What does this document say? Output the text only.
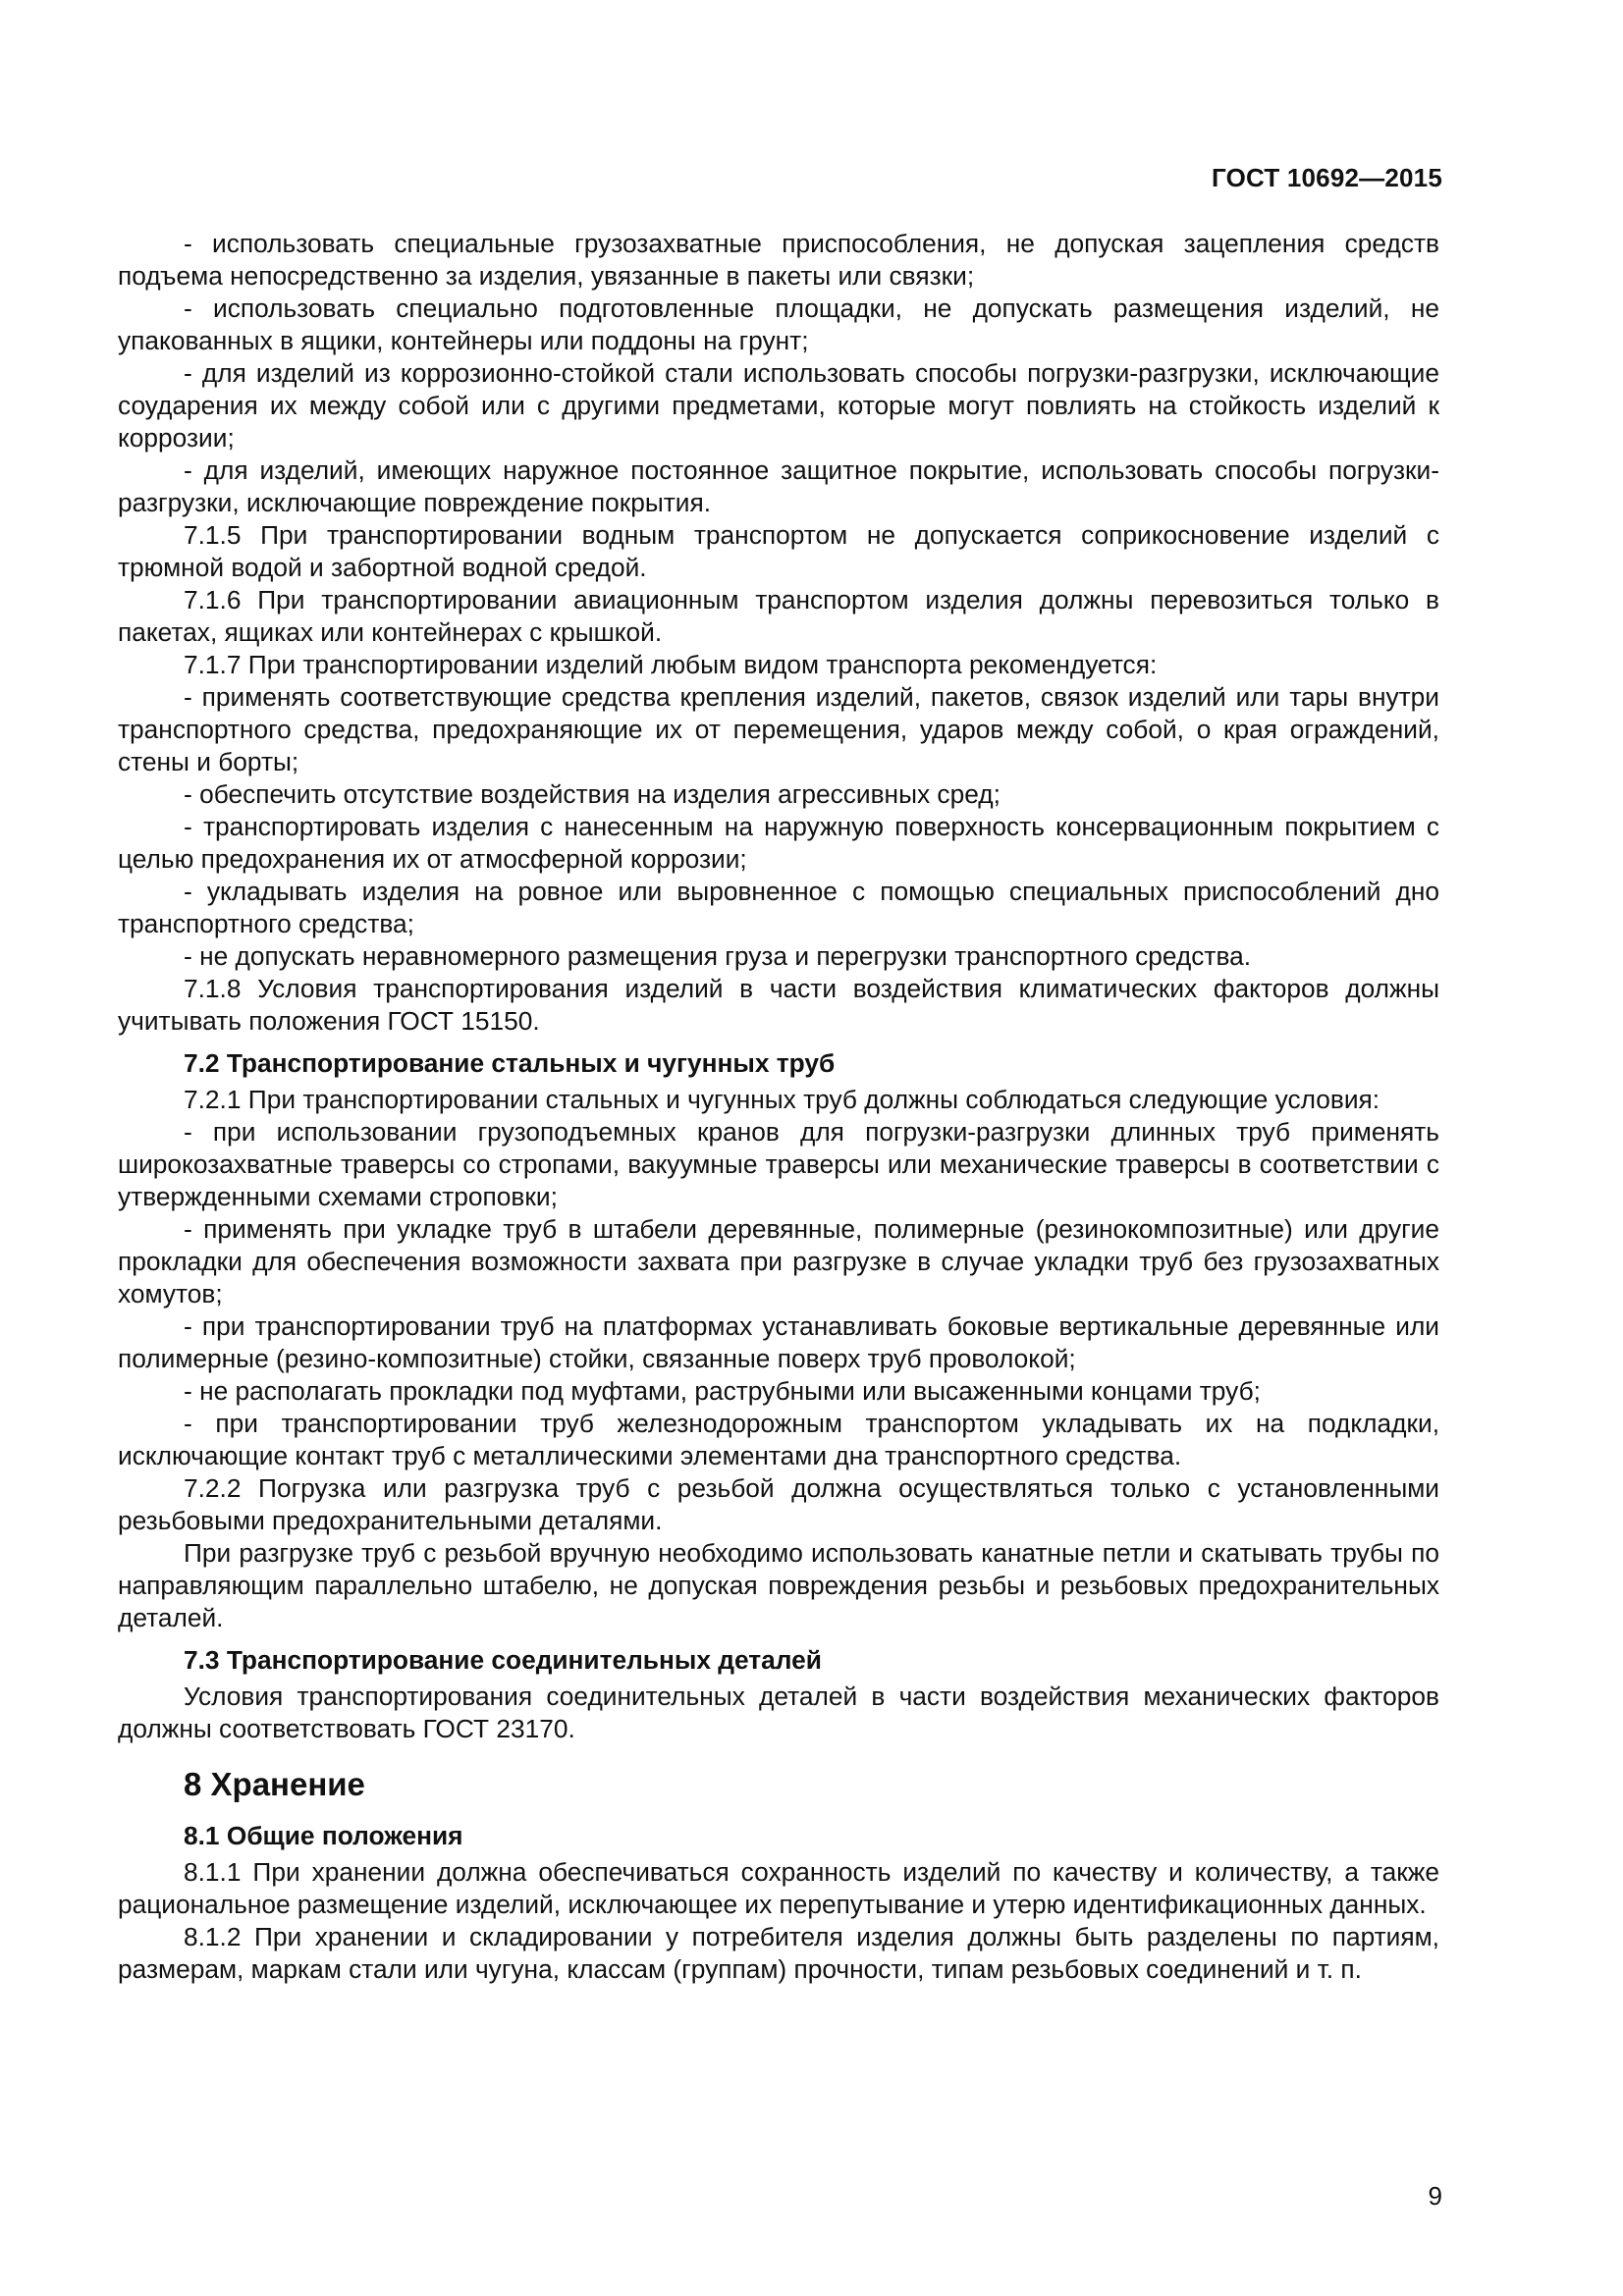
ГОСТ 10692—2015

- использовать специальные грузозахватные приспособления, не допуская зацепления средств подъема непосредственно за изделия, увязанные в пакеты или связки;

- использовать специально подготовленные площадки, не допускать размещения изделий, не упакованных в ящики, контейнеры или поддоны на грунт;

- для изделий из коррозионно-стойкой стали использовать способы погрузки-разгрузки, исключающие соударения их между собой или с другими предметами, которые могут повлиять на стойкость изделий к коррозии;

- для изделий, имеющих наружное постоянное защитное покрытие, использовать способы погрузки-разгрузки, исключающие повреждение покрытия.

7.1.5 При транспортировании водным транспортом не допускается соприкосновение изделий с трюмной водой и забортной водной средой.

7.1.6 При транспортировании авиационным транспортом изделия должны перевозиться только в пакетах, ящиках или контейнерах с крышкой.

7.1.7 При транспортировании изделий любым видом транспорта рекомендуется:

- применять соответствующие средства крепления изделий, пакетов, связок изделий или тары внутри транспортного средства, предохраняющие их от перемещения, ударов между собой, о края ограждений, стены и борты;

- обеспечить отсутствие воздействия на изделия агрессивных сред;

- транспортировать изделия с нанесенным на наружную поверхность консервационным покрытием с целью предохранения их от атмосферной коррозии;

- укладывать изделия на ровное или выровненное с помощью специальных приспособлений дно транспортного средства;

- не допускать неравномерного размещения груза и перегрузки транспортного средства.

7.1.8 Условия транспортирования изделий в части воздействия климатических факторов должны учитывать положения ГОСТ 15150.

7.2 Транспортирование стальных и чугунных труб

7.2.1 При транспортировании стальных и чугунных труб должны соблюдаться следующие условия:

- при использовании грузоподъемных кранов для погрузки-разгрузки длинных труб применять широкозахватные траверсы со стропами, вакуумные траверсы или механические траверсы в соответствии с утвержденными схемами строповки;

- применять при укладке труб в штабели деревянные, полимерные (резинокомпозитные) или другие прокладки для обеспечения возможности захвата при разгрузке в случае укладки труб без грузозахватных хомутов;

- при транспортировании труб на платформах устанавливать боковые вертикальные деревянные или полимерные (резино-композитные) стойки, связанные поверх труб проволокой;

- не располагать прокладки под муфтами, раструбными или высаженными концами труб;

- при транспортировании труб железнодорожным транспортом укладывать их на подкладки, исключающие контакт труб с металлическими элементами дна транспортного средства.

7.2.2 Погрузка или разгрузка труб с резьбой должна осуществляться только с установленными резьбовыми предохранительными деталями.

При разгрузке труб с резьбой вручную необходимо использовать канатные петли и скатывать трубы по направляющим параллельно штабелю, не допуская повреждения резьбы и резьбовых предохранительных деталей.

7.3 Транспортирование соединительных деталей

Условия транспортирования соединительных деталей в части воздействия механических факторов должны соответствовать ГОСТ 23170.

8 Хранение
8.1 Общие положения

8.1.1 При хранении должна обеспечиваться сохранность изделий по качеству и количеству, а также рациональное размещение изделий, исключающее их перепутывание и утерю идентификационных данных.

8.1.2 При хранении и складировании у потребителя изделия должны быть разделены по партиям, размерам, маркам стали или чугуна, классам (группам) прочности, типам резьбовых соединений и т. п.

9
